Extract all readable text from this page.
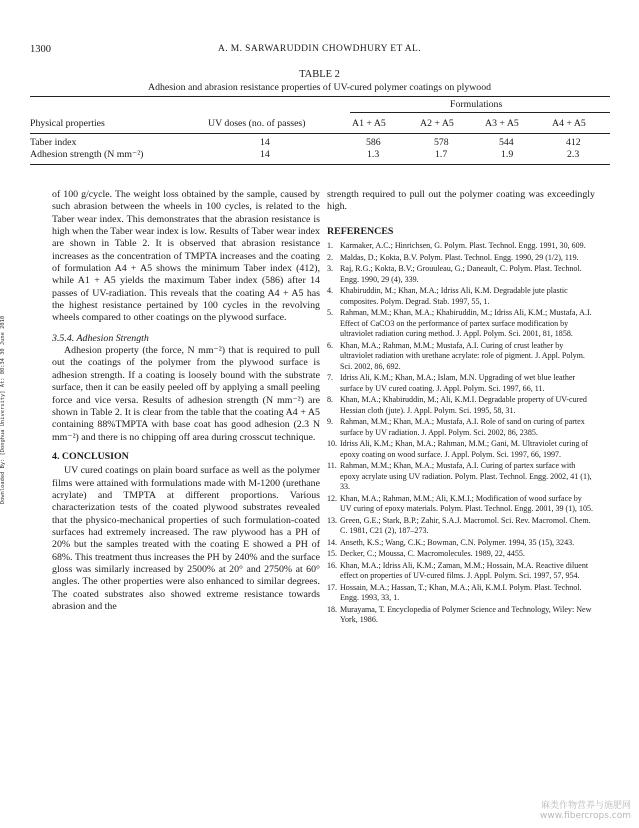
1300	A. M. SARWARUDDIN CHOWDHURY ET AL.
Downloaded By: [Donghua University] At: 00:34 30 June 2010
TABLE 2
Adhesion and abrasion resistance properties of UV-cured polymer coatings on plywood
Formulations
Physical properties	UV doses (no. of passes)	A1 + A5	A2 + A5	A3 + A5	A4 + A5
Taber index	14	586	578	544	412
Adhesion strength (N mm⁻²)	14	1.3	1.7	1.9	2.3

of 100 g/cycle. The weight loss obtained by the sample, caused by such abrasion between the wheels in 100 cycles, is related to the Taber wear index. This demonstrates that the abrasion resistance is high when the Taber wear index is low. Results of Taber wear index are shown in Table 2. It is observed that abrasion resistance increases as the concentration of TMPTA increases and the coating of formulation A4 + A5 shows the minimum Taber index (412), while A1 + A5 yields the maximum Taber index (586) after 14 passes of UV-radiation. This reveals that the coating A4 + A5 has the highest resistance pertained by 100 cycles in the revolving wheels compared to other coatings on the plywood surface.

3.5.4. Adhesion Strength

Adhesion property (the force, N mm⁻²) that is required to pull out the coatings of the polymer from the plywood surface is adhesion strength. If a coating is loosely bound with the substrate surface, then it can be easily peeled off by applying a small peeling force and vice versa. Results of adhesion strength (N mm⁻²) are shown in Table 2. It is clear from the table that the coating A4 + A5 containing 88%TMPTA with base coat has good adhesion (2.3 N mm⁻²) and there is no chipping off area during crosscut technique.

4. CONCLUSION

UV cured coatings on plain board surface as well as the polymer films were attained with formulations made with M-1200 (urethane acrylate) and TMPTA at different proportions. Various characterization tests of the coated plywood substrates revealed that the physico-mechanical properties of such formulation-coated surfaces had extremely increased. The raw plywood has a PH of 20% but the samples treated with the coating E showed a PH of 68%. This treatment thus increases the PH by 240% and the surface gloss was similarly increased by 2500% at 20° and 2750% at 60° angles. The other properties were also enhanced to similar degrees. The coated substrates also showed extreme resistance towards abrasion and the

strength required to pull out the polymer coating was exceedingly high.

REFERENCES

1. Karmaker, A.C.; Hinrichsen, G. Polym. Plast. Technol. Engg. 1991, 30, 609.
2. Maldas, D.; Kokta, B.V. Polym. Plast. Technol. Engg. 1990, 29 (1/2), 119.
3. Raj, R.G.; Kokta, B.V.; Grouuleau, G.; Daneault, C. Polym. Plast. Technol. Engg. 1990, 29 (4), 339.
4. Khabiruddin, M.; Khan, M.A.; Idriss Ali, K.M. Degradable jute plastic composites. Polym. Degrad. Stab. 1997, 55, 1.
5. Rahman, M.M.; Khan, M.A.; Khabiruddin, M.; Idriss Ali, K.M.; Mustafa, A.I. Effect of CaCO3 on the performance of partex surface modification by ultraviolet radiation curing method. J. Appl. Polym. Sci. 2001, 81, 1858.
6. Khan, M.A.; Rahman, M.M.; Mustafa, A.I. Curing of crust leather by ultraviolet radiation with urethane acrylate: role of pigment. J. Appl. Polym. Sci. 2002, 86, 692.
7. Idriss Ali, K.M.; Khan, M.A.; Islam, M.N. Upgrading of wet blue leather surface by UV cured coating. J. Appl. Polym. Sci. 1997, 66, 11.
8. Khan, M.A.; Khabiruddin, M.; Ali, K.M.I. Degradable property of UV-cured Hessian cloth (jute). J. Appl. Polym. Sci. 1995, 58, 31.
9. Rahman, M.M.; Khan, M.A.; Mustafa, A.I. Role of sand on curing of partex surface by UV radiation. J. Appl. Polym. Sci. 2002, 86, 2385.
10. Idriss Ali, K.M.; Khan, M.A.; Rahman, M.M.; Gani, M. Ultraviolet curing of epoxy coating on wood surface. J. Appl. Polym. Sci. 1997, 66, 1997.
11. Rahman, M.M.; Khan, M.A.; Mustafa, A.I. Curing of partex surface with epoxy acrylate using UV radiation. Polym. Plast. Technol. Engg. 2002, 41 (1), 33.
12. Khan, M.A.; Rahman, M.M.; Ali, K.M.I.; Modification of wood surface by UV curing of epoxy materials. Polym. Plast. Technol. Engg. 2001, 39 (1), 105.
13. Green, G.E.; Stark, B.P.; Zahir, S.A.J. Macromol. Sci. Rev. Macromol. Chem. C. 1981, C21 (2), 187–273.
14. Anseth, K.S.; Wang, C.K.; Bowman, C.N. Polymer. 1994, 35 (15), 3243.
15. Decker, C.; Moussa, C. Macromolecules. 1989, 22, 4455.
16. Khan, M.A.; Idriss Ali, K.M.; Zaman, M.M.; Hossain, M.A. Reactive diluent effect on properties of UV-cured films. J. Appl. Polym. Sci. 1997, 57, 954.
17. Hossain, M.A.; Hassan, T.; Khan, M.A.; Ali, K.M.I. Polym. Plast. Technol. Engg. 1993, 33, 1.
18. Murayama, T. Encyclopedia of Polymer Science and Technology, Wiley: New York, 1986.
麻类作物营养与施肥网
www.fibercrops.com
